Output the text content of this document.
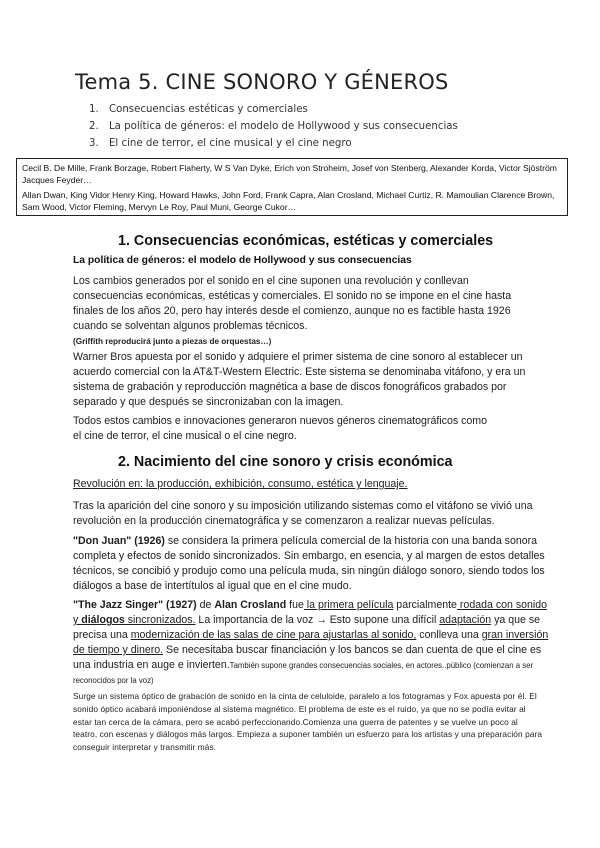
Tema 5. CINE SONORO Y GÉNEROS
1. Consecuencias estéticas y comerciales
2. La política de géneros: el modelo de Hollywood y sus consecuencias
3. El cine de terror, el cine musical y el cine negro

Cecil B. De Mille, Frank Borzage, Robert Flaherty, W S Van Dyke, Erich von Stroheim, Josef von Stenberg, Alexander Korda, Victor Sjöström Jacques Feyder…

Allan Dwan, King Vidor Henry King, Howard Hawks, John Ford, Frank Capra, Alan Crosland, Michael Curtiz, R. Mamoulian Clarence Brown, Sam Wood, Victor Fleming, Mervyn Le Roy, Paul Muni, George Cukor…

1. Consecuencias económicas, estéticas y comerciales

La política de géneros: el modelo de Hollywood y sus consecuencias

Los cambios generados por el sonido en el cine suponen una revolución y conllevan consecuencias económicas, estéticas y comerciales. El sonido no se impone en el cine hasta finales de los años 20, pero hay interés desde el comienzo, aunque no es factible hasta 1926 cuando se solventan algunos problemas técnicos.
(Griffith reproducirá junto a piezas de orquestas…)

Warner Bros apuesta por el sonido y adquiere el primer sistema de cine sonoro al establecer un acuerdo comercial con la AT&T-Western Electric. Este sistema se denominaba vitáfono, y era un sistema de grabación y reproducción magnética a base de discos fonográficos grabados por separado y que después se sincronizaban con la imagen.

Todos estos cambios e innovaciones generaron nuevos géneros cinematográficos como el cine de terror, el cine musical o el cine negro.

2. Nacimiento del cine sonoro y crisis económica

Revolución en: la producción, exhibición, consumo, estética y lenguaje.

Tras la aparición del cine sonoro y su imposición utilizando sistemas como el vitáfono se vivió una revolución en la producción cinematográfica y se comenzaron a realizar nuevas películas.

"Don Juan" (1926) se considera la primera película comercial de la historia con una banda sonora completa y efectos de sonido sincronizados. Sin embargo, en esencia, y al margen de estos detalles técnicos, se concibió y produjo como una película muda, sin ningún diálogo sonoro, siendo todos los diálogos a base de intertítulos al igual que en el cine mudo.

"The Jazz Singer" (1927) de Alan Crosland fue la primera película parcialmente rodada con sonido y diálogos sincronizados. La importancia de la voz → Esto supone una difícil adaptación ya que se precisa una modernización de las salas de cine para ajustarlas al sonido, conlleva una gran inversión de tiempo y dinero. Se necesitaba buscar financiación y los bancos se dan cuenta de que el cine es una industria en auge e invierten.También supone grandes consecuencias sociales, en actores..público (comienzan a ser reconocidos por la voz)

Surge un sistema óptico de grabación de sonido en la cinta de celuloide, paralelo a los fotogramas y Fox apuesta por él. El sonido óptico acabará imponiéndose al sistema magnético. El problema de este es el ruido, ya que no se podía evitar al estar tan cerca de la cámara, pero se acabó perfeccionando.Comienza una guerra de patentes y se vuelve un poco al teatro, con escenas y diálogos más largos. Empieza a suponer también un esfuerzo para los artistas y una preparación para conseguir interpretar y transmitir más.
